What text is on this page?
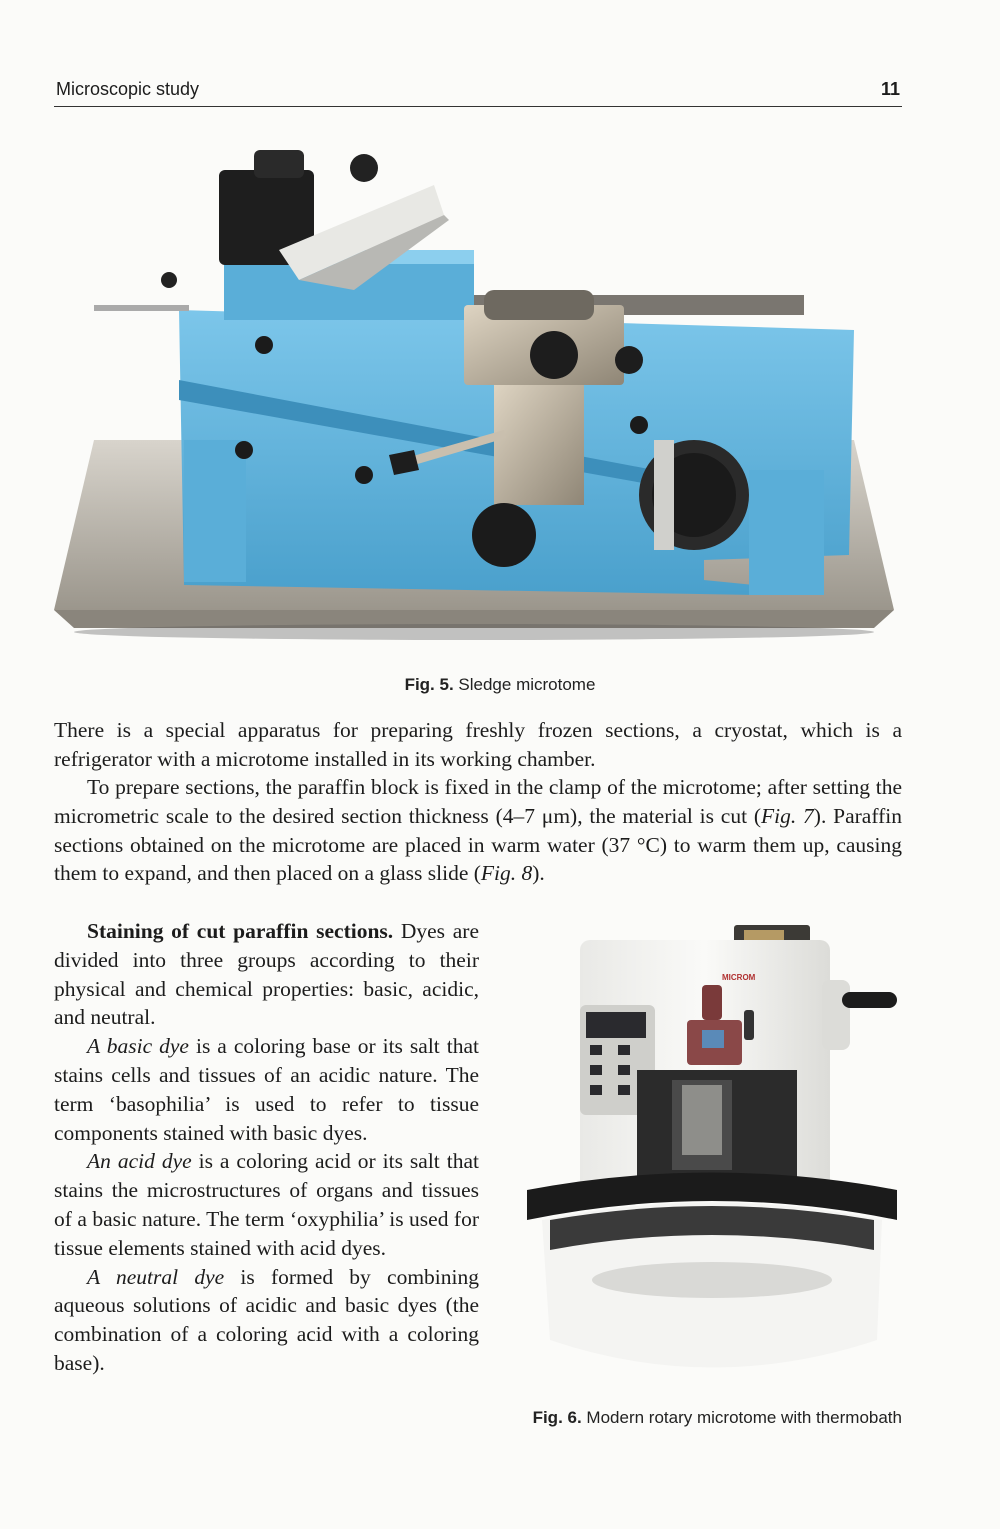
Microscopic study	11
Fig. 5. Sledge microtome
There is a special apparatus for preparing freshly frozen sections, a cryostat, which is a refrigerator with a microtome installed in its working chamber.
To prepare sections, the paraffin block is fixed in the clamp of the microtome; after setting the micrometric scale to the desired section thickness (4–7 μm), the material is cut (Fig. 7). Paraffin sections obtained on the microtome are placed in warm water (37 °C) to warm them up, causing them to expand, and then placed on a glass slide (Fig. 8).

Staining of cut paraffin sections. Dyes are divided into three groups according to their physical and chemical properties: basic, acidic, and neutral.

A basic dye is a coloring base or its salt that stains cells and tissues of an acidic nature. The term ‘basophilia’ is used to refer to tissue components stained with basic dyes.

An acid dye is a coloring acid or its salt that stains the microstructures of organs and tissues of a basic nature. The term ‘oxyphilia’ is used for tissue elements stained with acid dyes.

A neutral dye is formed by combining aqueous solutions of acidic and basic dyes (the combination of a coloring acid with a coloring base).

MICROM
Fig. 6. Modern rotary microtome with thermobath
